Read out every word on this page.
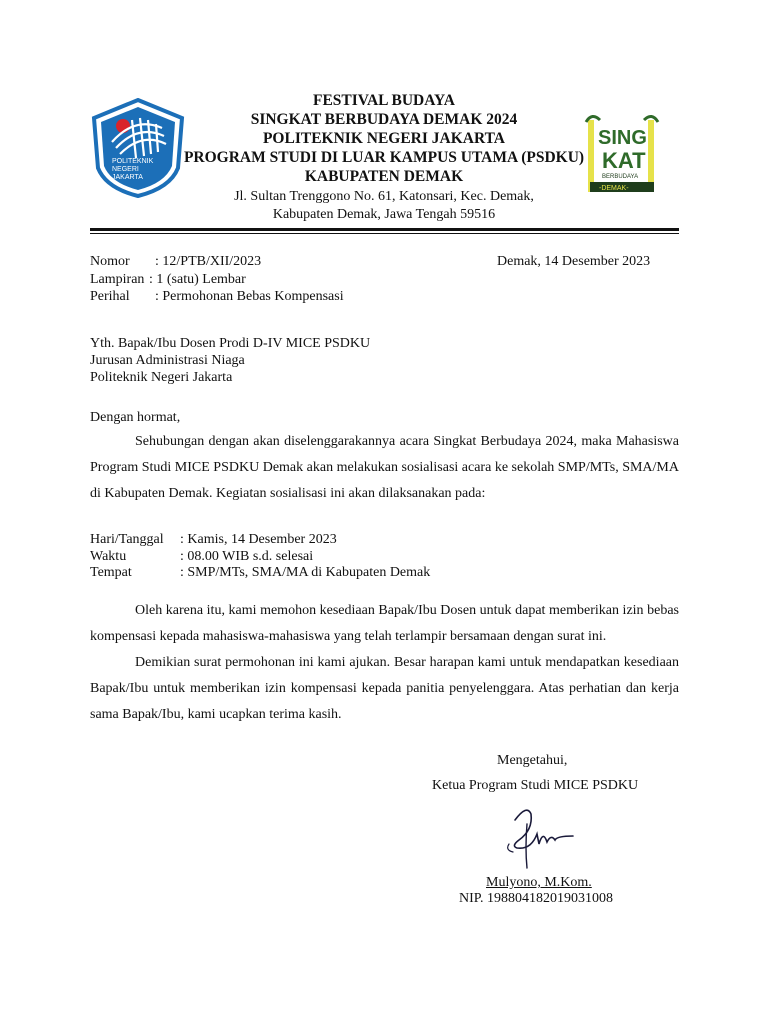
POLITEKNIK
NEGERI
JAKARTA
SING
KAT
BERBUDAYA
-DEMAK-
FESTIVAL BUDAYA
SINGKAT BERBUDAYA DEMAK 2024
POLITEKNIK NEGERI JAKARTA
PROGRAM STUDI DI LUAR KAMPUS UTAMA (PSDKU)
KABUPATEN DEMAK
Jl. Sultan Trenggono No. 61, Katonsari, Kec. Demak,
Kabupaten Demak, Jawa Tengah 59516
Nomor : 12/PTB/XII/2023	Demak, 14 Desember 2023
Lampiran : 1 (satu) Lembar
Perihal : Permohonan Bebas Kompensasi
Yth. Bapak/Ibu Dosen Prodi D-IV MICE PSDKU
Jurusan Administrasi Niaga
Politeknik Negeri Jakarta
Dengan hormat,
Sehubungan dengan akan diselenggarakannya acara Singkat Berbudaya 2024, maka Mahasiswa Program Studi MICE PSDKU Demak akan melakukan sosialisasi acara ke sekolah SMP/MTs, SMA/MA di Kabupaten Demak. Kegiatan sosialisasi ini akan dilaksanakan pada:
Hari/Tanggal : Kamis, 14 Desember 2023
Waktu	: 08.00 WIB s.d. selesai
Tempat	: SMP/MTs, SMA/MA di Kabupaten Demak
Oleh karena itu, kami memohon kesediaan Bapak/Ibu Dosen untuk dapat memberikan izin bebas kompensasi kepada mahasiswa-mahasiswa yang telah terlampir bersamaan dengan surat ini.
Demikian surat permohonan ini kami ajukan. Besar harapan kami untuk mendapatkan kesediaan Bapak/Ibu untuk memberikan izin kompensasi kepada panitia penyelenggara. Atas perhatian dan kerja sama Bapak/Ibu, kami ucapkan terima kasih.
Mengetahui,
Ketua Program Studi MICE PSDKU
Mulyono, M.Kom.
NIP. 198804182019031008
